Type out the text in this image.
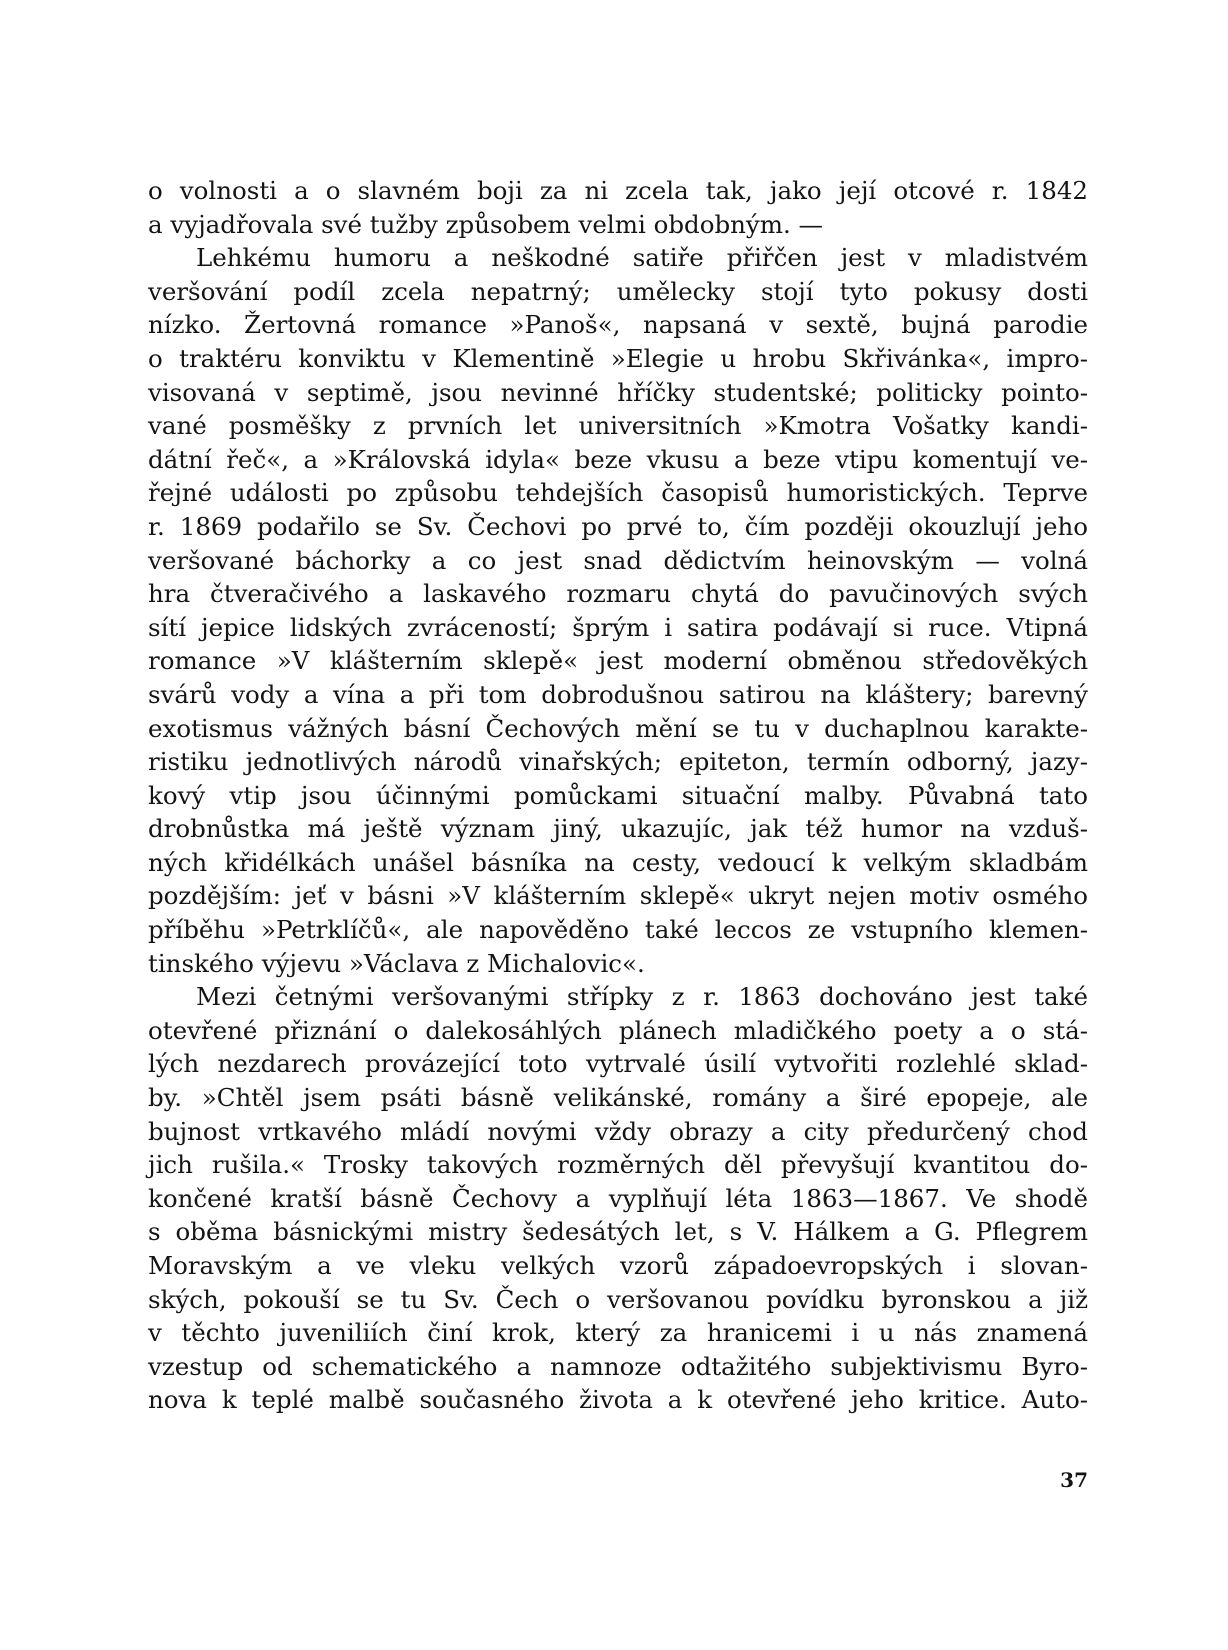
o volnosti a o slavném boji za ni zcela tak, jako její otcové r. 1842
a vyjadřovala své tužby způsobem velmi obdobným. —
Lehkému humoru a neškodné satiře přiřčen jest v mladistvém
veršování podíl zcela nepatrný; umělecky stojí tyto pokusy dosti
nízko. Žertovná romance »Panoš«, napsaná v sextě, bujná parodie
o traktéru konviktu v Klementině »Elegie u hrobu Skřivánka«, impro-
visovaná v septimě, jsou nevinné hříčky studentské; politicky pointo-
vané posměšky z prvních let universitních »Kmotra Vošatky kandi-
dátní řeč«, a »Královská idyla« beze vkusu a beze vtipu komentují ve-
řejné události po způsobu tehdejších časopisů humoristických. Teprve
r. 1869 podařilo se Sv. Čechovi po prvé to, čím později okouzlují jeho
veršované báchorky a co jest snad dědictvím heinovským — volná
hra čtveračivého a laskavého rozmaru chytá do pavučinových svých
sítí jepice lidských zvráceností; šprým i satira podávají si ruce. Vtipná
romance »V klášterním sklepě« jest moderní obměnou středověkých
svárů vody a vína a při tom dobrodušnou satirou na kláštery; barevný
exotismus vážných básní Čechových mění se tu v duchaplnou karakte-
ristiku jednotlivých národů vinařských; epiteton, termín odborný, jazy-
kový vtip jsou účinnými pomůckami situační malby. Půvabná tato
drobnůstka má ještě význam jiný, ukazujíc, jak též humor na vzduš-
ných křidélkách unášel básníka na cesty, vedoucí k velkým skladbám
pozdějším: jeť v básni »V klášterním sklepě« ukryt nejen motiv osmého
příběhu »Petrklíčů«, ale napověděno také leccos ze vstupního klemen-
tinského výjevu »Václava z Michalovic«.
Mezi četnými veršovanými střípky z r. 1863 dochováno jest také
otevřené přiznání o dalekosáhlých plánech mladičkého poety a o stá-
lých nezdarech provázející toto vytrvalé úsilí vytvořiti rozlehlé sklad-
by. »Chtěl jsem psáti básně velikánské, romány a širé epopeje, ale
bujnost vrtkavého mládí novými vždy obrazy a city předurčený chod
jich rušila.« Trosky takových rozměrných děl převyšují kvantitou do-
končené kratší básně Čechovy a vyplňují léta 1863—1867. Ve shodě
s oběma básnickými mistry šedesátých let, s V. Hálkem a G. Pflegrem
Moravským a ve vleku velkých vzorů západoevropských i slovan-
ských, pokouší se tu Sv. Čech o veršovanou povídku byronskou a již
v těchto juveniliích činí krok, který za hranicemi i u nás znamená
vzestup od schematického a namnoze odtažitého subjektivismu Byro-
nova k teplé malbě současného života a k otevřené jeho kritice. Auto-
37
